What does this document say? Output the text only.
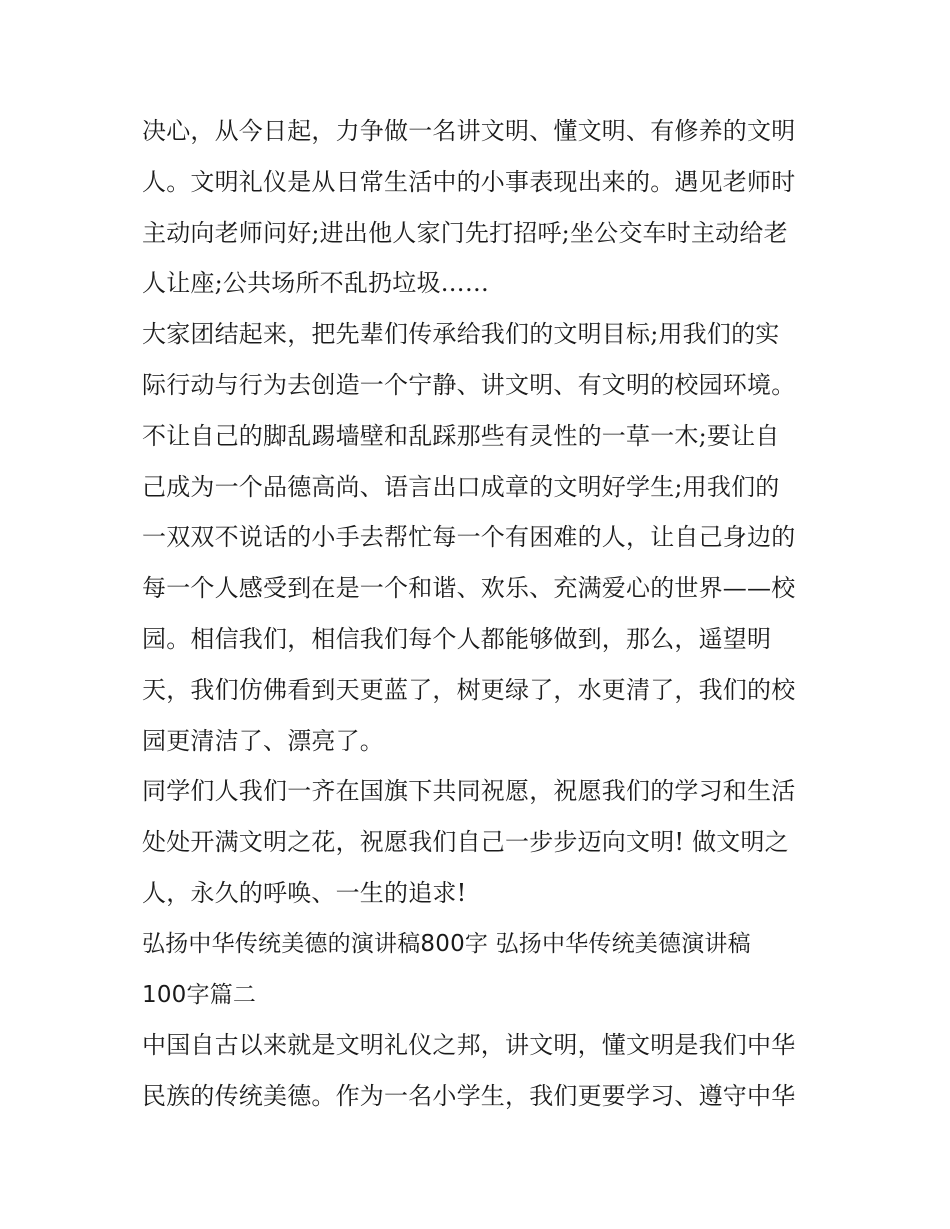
决心，从今日起，力争做一名讲文明、懂文明、有修养的文明
人。文明礼仪是从日常生活中的小事表现出来的。遇见老师时
主动向老师问好;进出他人家门先打招呼;坐公交车时主动给老
人让座;公共场所不乱扔垃圾……

大家团结起来，把先辈们传承给我们的文明目标;用我们的实
际行动与行为去创造一个宁静、讲文明、有文明的校园环境。
不让自己的脚乱踢墙壁和乱踩那些有灵性的一草一木;要让自
己成为一个品德高尚、语言出口成章的文明好学生;用我们的
一双双不说话的小手去帮忙每一个有困难的人，让自己身边的
每一个人感受到在是一个和谐、欢乐、充满爱心的世界——校
园。相信我们，相信我们每个人都能够做到，那么，遥望明
天，我们仿佛看到天更蓝了，树更绿了，水更清了，我们的校
园更清洁了、漂亮了。

同学们人我们一齐在国旗下共同祝愿，祝愿我们的学习和生活
处处开满文明之花，祝愿我们自己一步步迈向文明! 做文明之
人，永久的呼唤、一生的追求!

弘扬中华传统美德的演讲稿800字 弘扬中华传统美德演讲稿
100字篇二

中国自古以来就是文明礼仪之邦，讲文明，懂文明是我们中华
民族的传统美德。作为一名小学生，我们更要学习、遵守中华
